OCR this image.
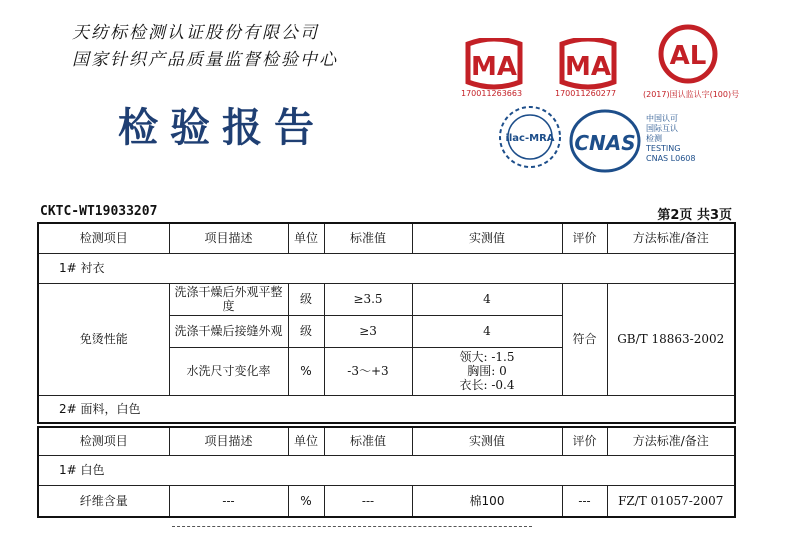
天纺标检测认证股份有限公司
国家针织产品质量监督检验中心
检验报告
MA
170011263663
MA
170011260277
AL
(2017)国认监认字(100)号
ilac-MRA CNAS
中国认可
国际互认
检测
TESTING
CNAS L0608
CKTC-WT19033207	第2页 共3页
检测项目	项目描述	单位	标准值	实测值	评价	方法标准/备注
1# 衬衣						
免烫性能	洗涤干燥后外观平整度	级	≥3.5	4	符合	GB/T 18863-2002
	洗涤干燥后接缝外观	级	≥3	4		
	水洗尺寸变化率	%	-3～+3	领大: -1.5
胸围: 0
衣长: -0.4		

2# 面料，白色						
检测项目	项目描述	单位	标准值	实测值	评价	方法标准/备注
1# 白色						
纤维含量	---	%	---	棉100	---	FZ/T 01057-2007
